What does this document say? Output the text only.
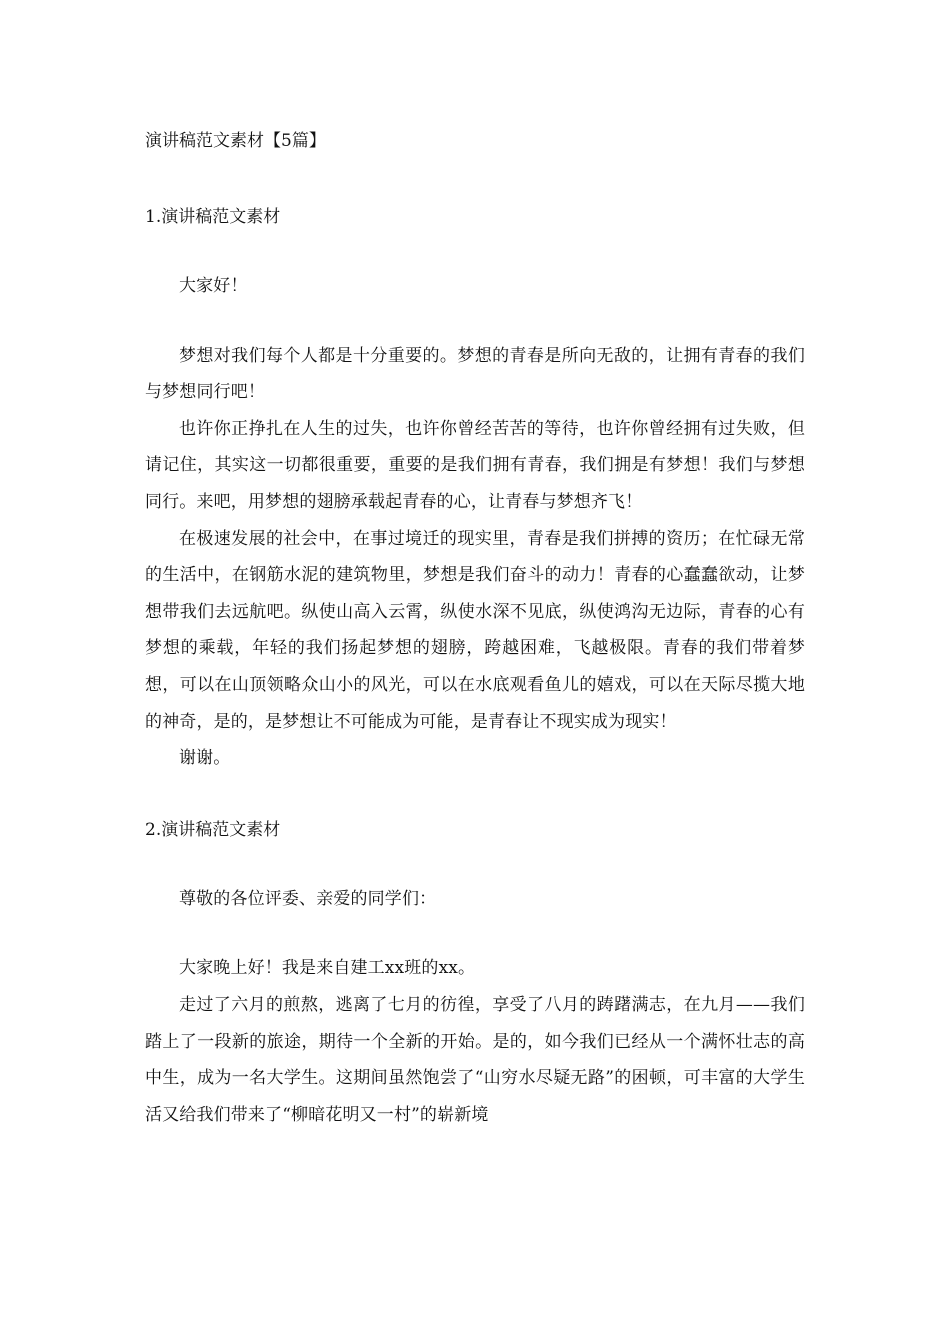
演讲稿范文素材【5篇】
1.演讲稿范文素材

大家好！

梦想对我们每个人都是十分重要的。梦想的青春是所向无敌的，让拥有青春的我们与梦想同行吧！

也许你正挣扎在人生的过失，也许你曾经苦苦的等待，也许你曾经拥有过失败，但请记住，其实这一切都很重要，重要的是我们拥有青春，我们拥是有梦想！我们与梦想同行。来吧，用梦想的翅膀承载起青春的心，让青春与梦想齐飞！

在极速发展的社会中，在事过境迁的现实里，青春是我们拼搏的资历；在忙碌无常的生活中，在钢筋水泥的建筑物里，梦想是我们奋斗的动力！青春的心蠢蠢欲动，让梦想带我们去远航吧。纵使山高入云霄，纵使水深不见底，纵使鸿沟无边际，青春的心有梦想的乘载，年轻的我们扬起梦想的翅膀，跨越困难，飞越极限。青春的我们带着梦想，可以在山顶领略众山小的风光，可以在水底观看鱼儿的嬉戏，可以在天际尽揽大地的神奇，是的，是梦想让不可能成为可能，是青春让不现实成为现实！

谢谢。

2.演讲稿范文素材

尊敬的各位评委、亲爱的同学们：

大家晚上好！我是来自建工xx班的xx。

走过了六月的煎熬，逃离了七月的彷徨，享受了八月的踌躇满志，在九月——我们踏上了一段新的旅途，期待一个全新的开始。是的，如今我们已经从一个满怀壮志的高中生，成为一名大学生。这期间虽然饱尝了“山穷水尽疑无路”的困顿，可丰富的大学生活又给我们带来了“柳暗花明又一村”的崭新境
